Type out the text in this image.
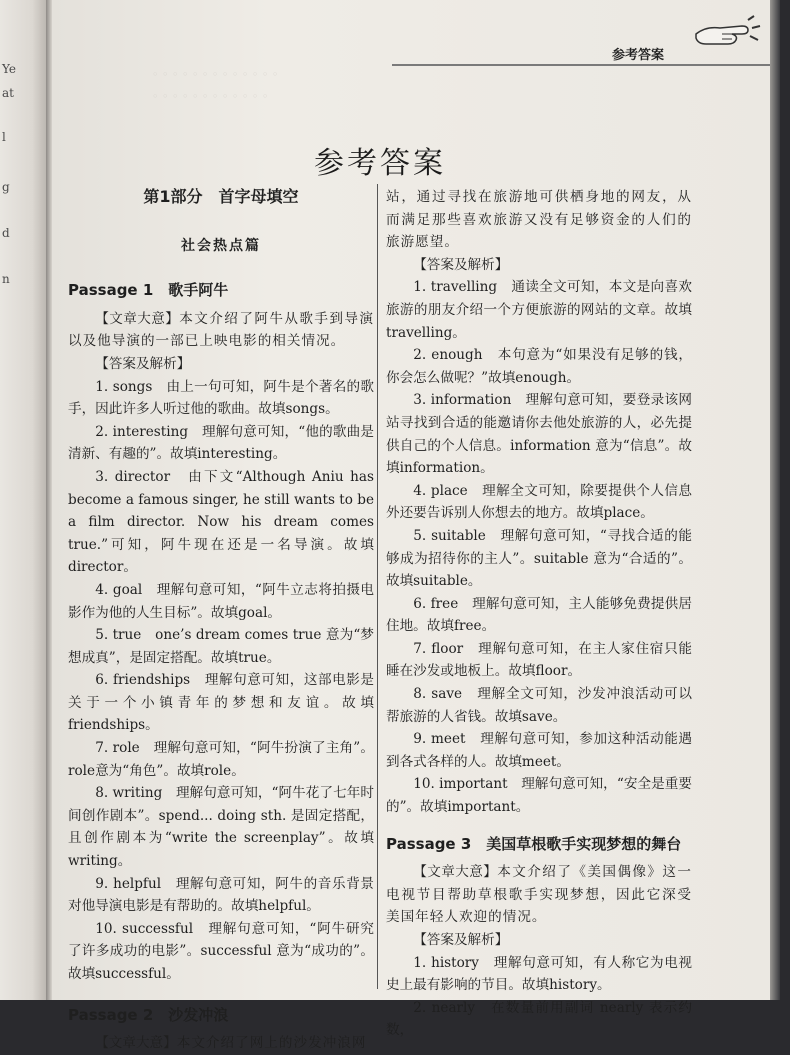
Ye
at
l
g
d
n
参考答案
◦ ◦ ◦ ◦ ◦ ◦ ◦ ◦ ◦ ◦ ◦ ◦ ◦
◦ ◦ ◦ ◦ ◦ ◦ ◦ ◦ ◦ ◦ ◦ ◦
参考答案
第1部分　首字母填空
社会热点篇
Passage 1　歌手阿牛

【文章大意】本文介绍了阿牛从歌手到导演以及他导演的一部已上映电影的相关情况。

【答案及解析】

1. songs　由上一句可知，阿牛是个著名的歌手，因此许多人听过他的歌曲。故填songs。

2. interesting　理解句意可知，“他的歌曲是清新、有趣的”。故填interesting。

3. director　由下文“Although Aniu has become a famous singer, he still wants to be a film director. Now his dream comes true.”可知，阿牛现在还是一名导演。故填director。

4. goal　理解句意可知，“阿牛立志将拍摄电影作为他的人生目标”。故填goal。

5. true　one’s dream comes true 意为“梦想成真”，是固定搭配。故填true。

6. friendships　理解句意可知，这部电影是关于一个小镇青年的梦想和友谊。故填friendships。

7. role　理解句意可知，“阿牛扮演了主角”。role意为“角色”。故填role。

8. writing　理解句意可知，“阿牛花了七年时间创作剧本”。spend... doing sth. 是固定搭配，且创作剧本为“write the screenplay”。故填writing。

9. helpful　理解句意可知，阿牛的音乐背景对他导演电影是有帮助的。故填helpful。

10. successful　理解句意可知，“阿牛研究了许多成功的电影”。successful 意为“成功的”。故填successful。

Passage 2　沙发冲浪

【文章大意】本文介绍了网上的沙发冲浪网

站，通过寻找在旅游地可供栖身地的网友，从而满足那些喜欢旅游又没有足够资金的人们的旅游愿望。

【答案及解析】

1. travelling　通读全文可知，本文是向喜欢旅游的朋友介绍一个方便旅游的网站的文章。故填travelling。

2. enough　本句意为“如果没有足够的钱，你会怎么做呢？”故填enough。

3. information　理解句意可知，要登录该网站寻找到合适的能邀请你去他处旅游的人，必先提供自己的个人信息。information 意为“信息”。故填information。

4. place　理解全文可知，除要提供个人信息外还要告诉别人你想去的地方。故填place。

5. suitable　理解句意可知，“寻找合适的能够成为招待你的主人”。suitable 意为“合适的”。故填suitable。

6. free　理解句意可知，主人能够免费提供居住地。故填free。

7. floor　理解句意可知，在主人家住宿只能睡在沙发或地板上。故填floor。

8. save　理解全文可知，沙发冲浪活动可以帮旅游的人省钱。故填save。

9. meet　理解句意可知，参加这种活动能遇到各式各样的人。故填meet。

10. important　理解句意可知，“安全是重要的”。故填important。

Passage 3　美国草根歌手实现梦想的舞台

【文章大意】本文介绍了《美国偶像》这一电视节目帮助草根歌手实现梦想，因此它深受美国年轻人欢迎的情况。

【答案及解析】

1. history　理解句意可知，有人称它为电视史上最有影响的节目。故填history。

2. nearly　在数量前用副词 nearly 表示约数，
